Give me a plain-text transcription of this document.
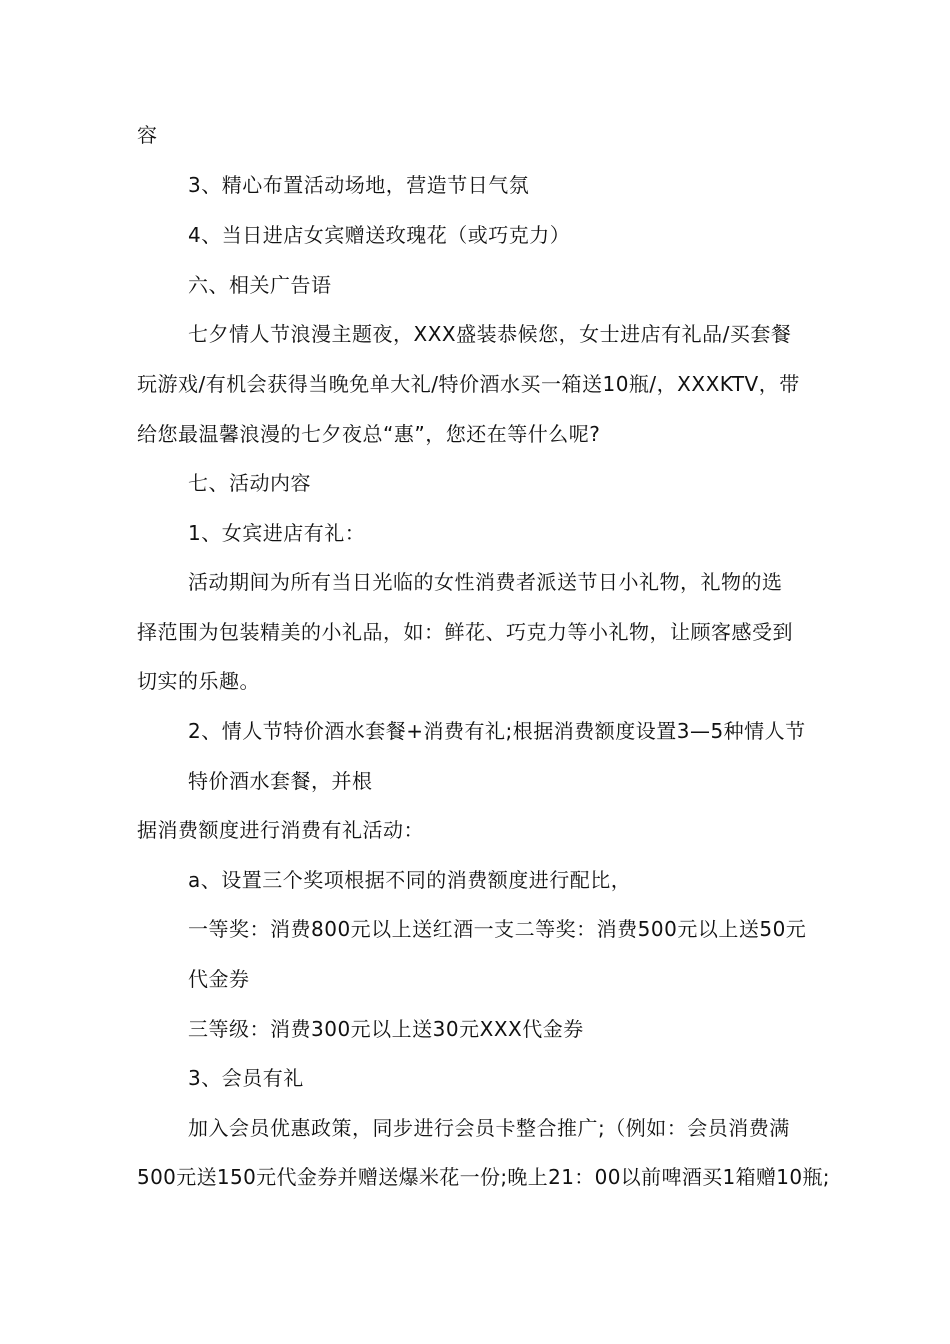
容
3、精心布置活动场地，营造节日气氛
4、当日进店女宾赠送玫瑰花（或巧克力）
六、相关广告语
七夕情人节浪漫主题夜，XXX盛装恭候您，女士进店有礼品/买套餐
玩游戏/有机会获得当晚免单大礼/特价酒水买一箱送10瓶/，XXXKTV，带
给您最温馨浪漫的七夕夜总“惠”，您还在等什么呢?
七、活动内容
1、女宾进店有礼：
活动期间为所有当日光临的女性消费者派送节日小礼物，礼物的选
择范围为包装精美的小礼品，如：鲜花、巧克力等小礼物，让顾客感受到
切实的乐趣。
2、情人节特价酒水套餐+消费有礼;根据消费额度设置3—5种情人节
特价酒水套餐，并根
据消费额度进行消费有礼活动：
a、设置三个奖项根据不同的消费额度进行配比，
一等奖：消费800元以上送红酒一支二等奖：消费500元以上送50元
代金券
三等级：消费300元以上送30元XXX代金券
3、会员有礼
加入会员优惠政策，同步进行会员卡整合推广;（例如：会员消费满
500元送150元代金券并赠送爆米花一份;晚上21：00以前啤酒买1箱赠10瓶;
